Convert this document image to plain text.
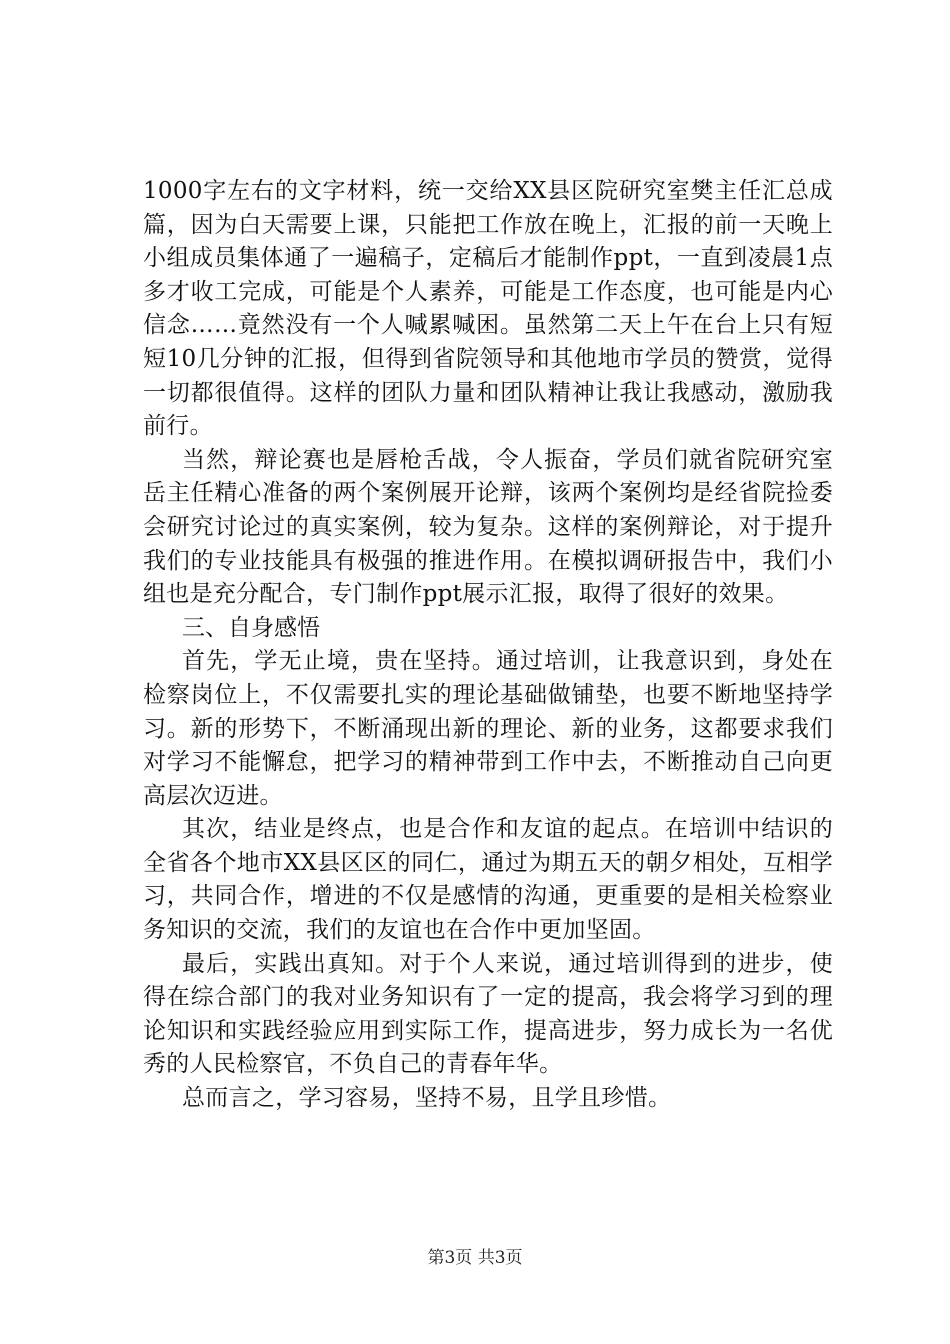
1000字左右的文字材料，统一交给XX县区院研究室樊主任汇总成篇，因为白天需要上课，只能把工作放在晚上，汇报的前一天晚上小组成员集体通了一遍稿子，定稿后才能制作ppt，一直到凌晨1点多才收工完成，可能是个人素养，可能是工作态度，也可能是内心信念……竟然没有一个人喊累喊困。虽然第二天上午在台上只有短短10几分钟的汇报，但得到省院领导和其他地市学员的赞赏，觉得一切都很值得。这样的团队力量和团队精神让我让我感动，激励我前行。

当然，辩论赛也是唇枪舌战，令人振奋，学员们就省院研究室岳主任精心准备的两个案例展开论辩，该两个案例均是经省院捡委会研究讨论过的真实案例，较为复杂。这样的案例辩论，对于提升我们的专业技能具有极强的推进作用。在模拟调研报告中，我们小组也是充分配合，专门制作ppt展示汇报，取得了很好的效果。

三、自身感悟

首先，学无止境，贵在坚持。通过培训，让我意识到，身处在检察岗位上，不仅需要扎实的理论基础做铺垫，也要不断地坚持学习。新的形势下，不断涌现出新的理论、新的业务，这都要求我们对学习不能懈怠，把学习的精神带到工作中去，不断推动自己向更高层次迈进。

其次，结业是终点，也是合作和友谊的起点。在培训中结识的全省各个地市XX县区区的同仁，通过为期五天的朝夕相处，互相学习，共同合作，增进的不仅是感情的沟通，更重要的是相关检察业务知识的交流，我们的友谊也在合作中更加坚固。

最后，实践出真知。对于个人来说，通过培训得到的进步，使得在综合部门的我对业务知识有了一定的提高，我会将学习到的理论知识和实践经验应用到实际工作，提高进步，努力成长为一名优秀的人民检察官，不负自己的青春年华。

总而言之，学习容易，坚持不易，且学且珍惜。

第3页 共3页
